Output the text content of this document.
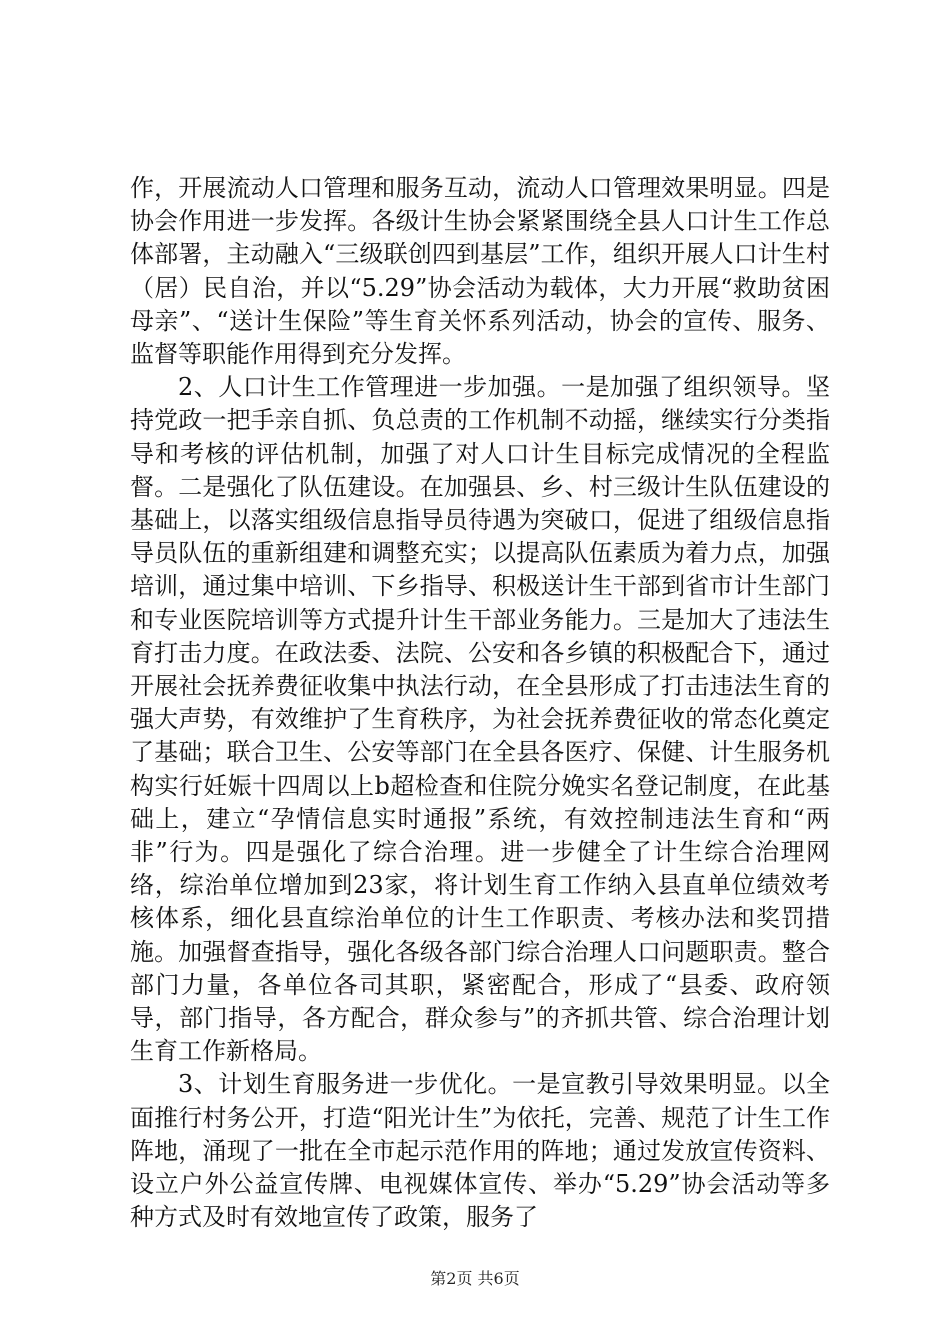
作，开展流动人口管理和服务互动，流动人口管理效果明显。四是协会作用进一步发挥。各级计生协会紧紧围绕全县人口计生工作总体部署，主动融入“三级联创四到基层”工作，组织开展人口计生村（居）民自治，并以“5.29”协会活动为载体，大力开展“救助贫困母亲”、“送计生保险”等生育关怀系列活动，协会的宣传、服务、监督等职能作用得到充分发挥。

2、人口计生工作管理进一步加强。一是加强了组织领导。坚持党政一把手亲自抓、负总责的工作机制不动摇，继续实行分类指导和考核的评估机制，加强了对人口计生目标完成情况的全程监督。二是强化了队伍建设。在加强县、乡、村三级计生队伍建设的基础上，以落实组级信息指导员待遇为突破口，促进了组级信息指导员队伍的重新组建和调整充实；以提高队伍素质为着力点，加强培训，通过集中培训、下乡指导、积极送计生干部到省市计生部门和专业医院培训等方式提升计生干部业务能力。三是加大了违法生育打击力度。在政法委、法院、公安和各乡镇的积极配合下，通过开展社会抚养费征收集中执法行动，在全县形成了打击违法生育的强大声势，有效维护了生育秩序，为社会抚养费征收的常态化奠定了基础；联合卫生、公安等部门在全县各医疗、保健、计生服务机构实行妊娠十四周以上b超检查和住院分娩实名登记制度，在此基础上，建立“孕情信息实时通报”系统，有效控制违法生育和“两非”行为。四是强化了综合治理。进一步健全了计生综合治理网络，综治单位增加到23家，将计划生育工作纳入县直单位绩效考核体系，细化县直综治单位的计生工作职责、考核办法和奖罚措施。加强督查指导，强化各级各部门综合治理人口问题职责。整合部门力量，各单位各司其职，紧密配合，形成了“县委、政府领导，部门指导，各方配合，群众参与”的齐抓共管、综合治理计划生育工作新格局。

3、计划生育服务进一步优化。一是宣教引导效果明显。以全面推行村务公开，打造“阳光计生”为依托，完善、规范了计生工作阵地，涌现了一批在全市起示范作用的阵地；通过发放宣传资料、设立户外公益宣传牌、电视媒体宣传、举办“5.29”协会活动等多种方式及时有效地宣传了政策，服务了

第2页 共6页
